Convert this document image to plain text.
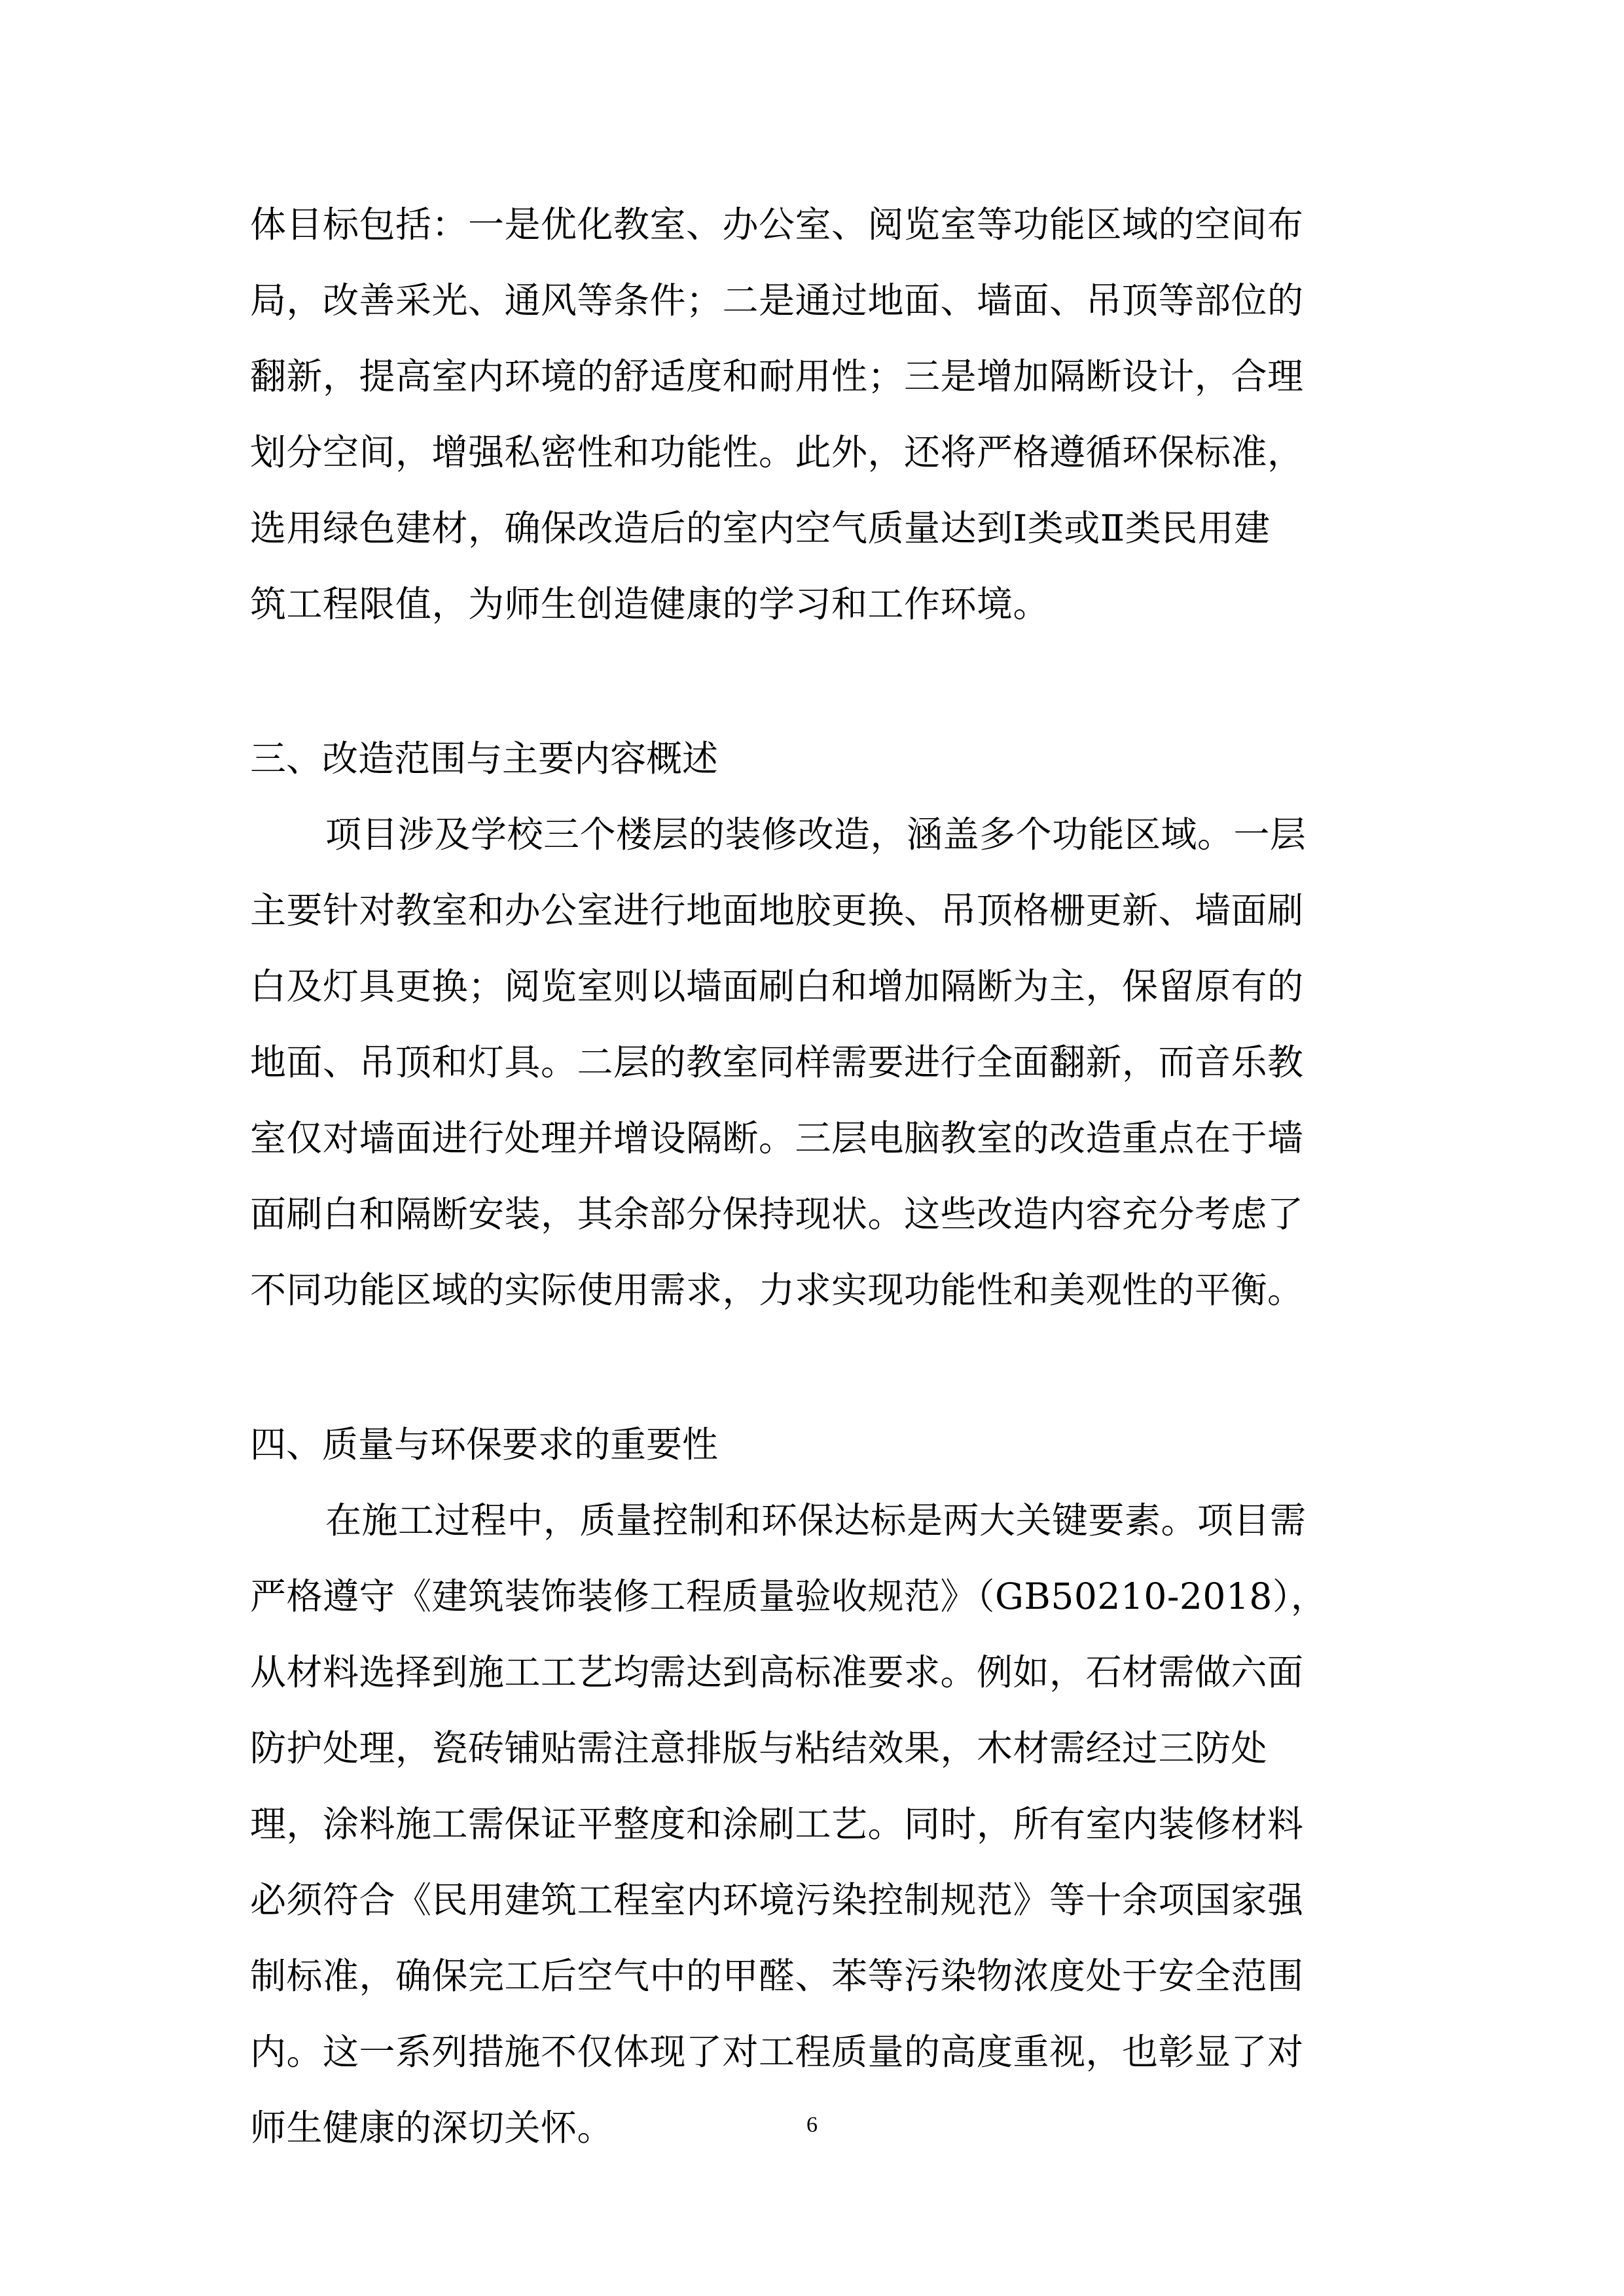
体目标包括：一是优化教室、办公室、阅览室等功能区域的空间布
局，改善采光、通风等条件；二是通过地面、墙面、吊顶等部位的
翻新，提高室内环境的舒适度和耐用性；三是增加隔断设计，合理
划分空间，增强私密性和功能性。此外，还将严格遵循环保标准，
选用绿色建材，确保改造后的室内空气质量达到Ⅰ类或Ⅱ类民用建
筑工程限值，为师生创造健康的学习和工作环境。
三、改造范围与主要内容概述
项目涉及学校三个楼层的装修改造，涵盖多个功能区域。一层
主要针对教室和办公室进行地面地胶更换、吊顶格栅更新、墙面刷
白及灯具更换；阅览室则以墙面刷白和增加隔断为主，保留原有的
地面、吊顶和灯具。二层的教室同样需要进行全面翻新，而音乐教
室仅对墙面进行处理并增设隔断。三层电脑教室的改造重点在于墙
面刷白和隔断安装，其余部分保持现状。这些改造内容充分考虑了
不同功能区域的实际使用需求，力求实现功能性和美观性的平衡。
四、质量与环保要求的重要性
在施工过程中，质量控制和环保达标是两大关键要素。项目需
严格遵守《建筑装饰装修工程质量验收规范》（GB50210-2018），
从材料选择到施工工艺均需达到高标准要求。例如，石材需做六面
防护处理，瓷砖铺贴需注意排版与粘结效果，木材需经过三防处
理，涂料施工需保证平整度和涂刷工艺。同时，所有室内装修材料
必须符合《民用建筑工程室内环境污染控制规范》等十余项国家强
制标准，确保完工后空气中的甲醛、苯等污染物浓度处于安全范围
内。这一系列措施不仅体现了对工程质量的高度重视，也彰显了对
师生健康的深切关怀。	6
